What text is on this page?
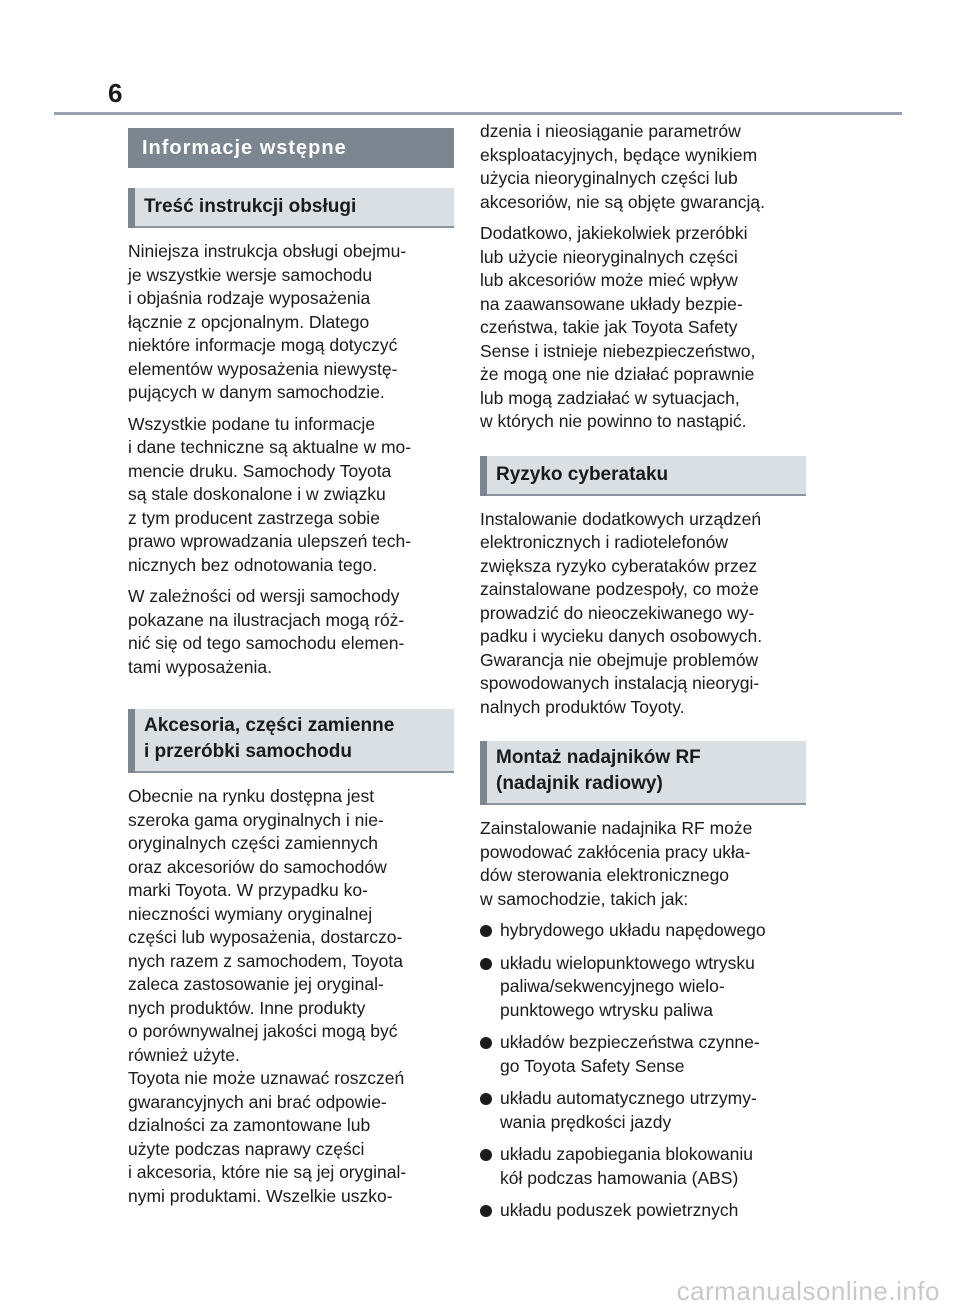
6
Informacje wstępne
Treść instrukcji obsługi

Niniejsza instrukcja obsługi obejmu-
je wszystkie wersje samochodu
i objaśnia rodzaje wyposażenia
łącznie z opcjonalnym. Dlatego
niektóre informacje mogą dotyczyć
elementów wyposażenia niewystę-
pujących w danym samochodzie.

Wszystkie podane tu informacje
i dane techniczne są aktualne w mo-
mencie druku. Samochody Toyota
są stale doskonalone i w związku
z tym producent zastrzega sobie
prawo wprowadzania ulepszeń tech-
nicznych bez odnotowania tego.

W zależności od wersji samochody
pokazane na ilustracjach mogą róż-
nić się od tego samochodu elemen-
tami wyposażenia.

Akcesoria, części zamienne
i przeróbki samochodu

Obecnie na rynku dostępna jest
szeroka gama oryginalnych i nie-
oryginalnych części zamiennych
oraz akcesoriów do samochodów
marki Toyota. W przypadku ko-
nieczności wymiany oryginalnej
części lub wyposażenia, dostarczo-
nych razem z samochodem, Toyota
zaleca zastosowanie jej oryginal-
nych produktów. Inne produkty
o porównywalnej jakości mogą być
również użyte.
Toyota nie może uznawać roszczeń
gwarancyjnych ani brać odpowie-
dzialności za zamontowane lub
użyte podczas naprawy części
i akcesoria, które nie są jej oryginal-
nymi produktami. Wszelkie uszko-

dzenia i nieosiąganie parametrów
eksploatacyjnych, będące wynikiem
użycia nieoryginalnych części lub
akcesoriów, nie są objęte gwarancją.

Dodatkowo, jakiekolwiek przeróbki
lub użycie nieoryginalnych części
lub akcesoriów może mieć wpływ
na zaawansowane układy bezpie-
czeństwa, takie jak Toyota Safety
Sense i istnieje niebezpieczeństwo,
że mogą one nie działać poprawnie
lub mogą zadziałać w sytuacjach,
w których nie powinno to nastąpić.

Ryzyko cyberataku

Instalowanie dodatkowych urządzeń
elektronicznych i radiotelefonów
zwiększa ryzyko cyberataków przez
zainstalowane podzespoły, co może
prowadzić do nieoczekiwanego wy-
padku i wycieku danych osobowych.
Gwarancja nie obejmuje problemów
spowodowanych instalacją nieorygi-
nalnych produktów Toyoty.

Montaż nadajników RF
(nadajnik radiowy)

Zainstalowanie nadajnika RF może
powodować zakłócenia pracy ukła-
dów sterowania elektronicznego
w samochodzie, takich jak:

hybrydowego układu napędowego
układu wielopunktowego wtrysku
paliwa/sekwencyjnego wielo-
punktowego wtrysku paliwa
układów bezpieczeństwa czynne-
go Toyota Safety Sense
układu automatycznego utrzymy-
wania prędkości jazdy
układu zapobiegania blokowaniu
kół podczas hamowania (ABS)
układu poduszek powietrznych
carmanualsonline.info
